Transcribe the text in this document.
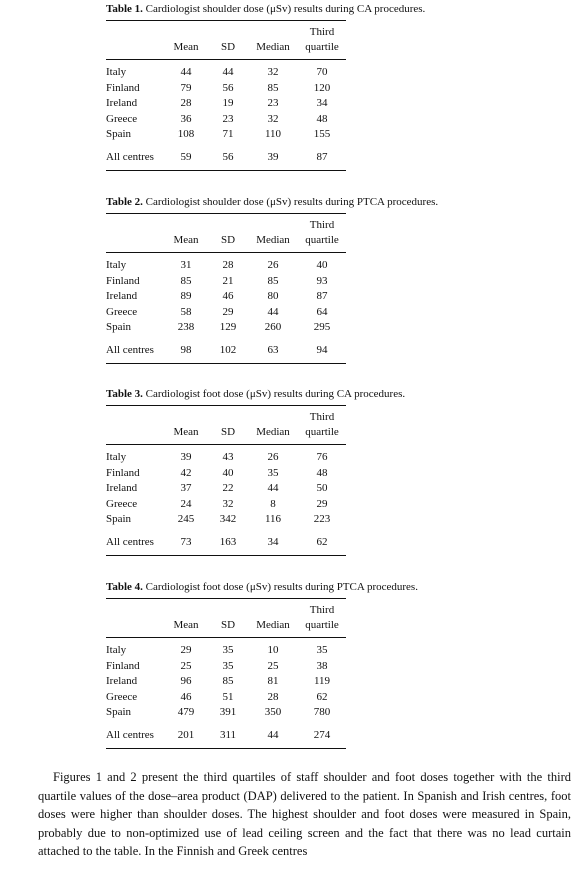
Table 1. Cardiologist shoulder dose (μSv) results during CA procedures.
	Mean	SD	Median	Third
quartile
Italy	44	44	32	70
Finland	79	56	85	120
Ireland	28	19	23	34
Greece	36	23	32	48
Spain	108	71	110	155

All centres	59	56	39	87
Table 2. Cardiologist shoulder dose (μSv) results during PTCA procedures.
	Mean	SD	Median	Third
quartile
Italy	31	28	26	40
Finland	85	21	85	93
Ireland	89	46	80	87
Greece	58	29	44	64
Spain	238	129	260	295

All centres	98	102	63	94
Table 3. Cardiologist foot dose (μSv) results during CA procedures.
	Mean	SD	Median	Third
quartile
Italy	39	43	26	76
Finland	42	40	35	48
Ireland	37	22	44	50
Greece	24	32	8	29
Spain	245	342	116	223

All centres	73	163	34	62
Table 4. Cardiologist foot dose (μSv) results during PTCA procedures.
	Mean	SD	Median	Third
quartile
Italy	29	35	10	35
Finland	25	35	25	38
Ireland	96	85	81	119
Greece	46	51	28	62
Spain	479	391	350	780

All centres	201	311	44	274

Figures 1 and 2 present the third quartiles of staff shoulder and foot doses together with the third quartile values of the dose–area product (DAP) delivered to the patient. In Spanish and Irish centres, foot doses were higher than shoulder doses. The highest shoulder and foot doses were measured in Spain, probably due to non-optimized use of lead ceiling screen and the fact that there was no lead curtain attached to the table. In the Finnish and Greek centres
